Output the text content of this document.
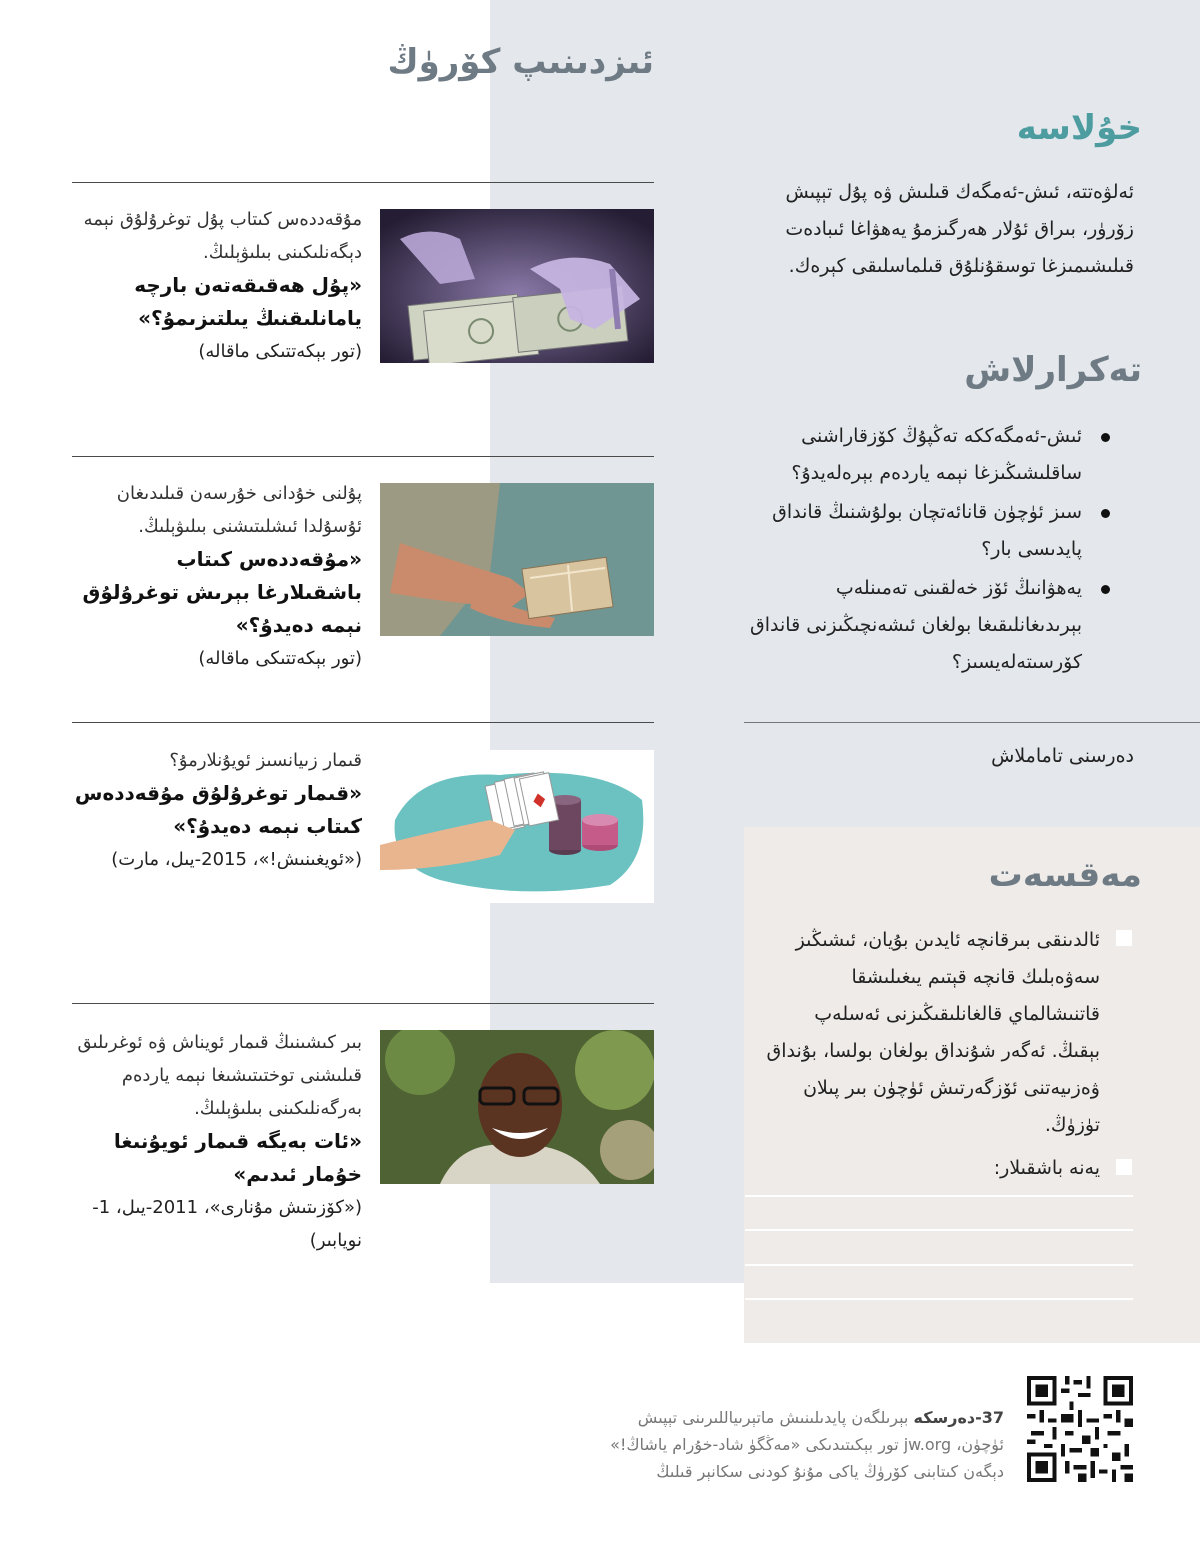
ئىزدىنىپ كۆرۈڭ
مۇقەددەس كىتاب پۇل توغرۇلۇق نېمە دېگەنلىكىنى بىلىۋېلىڭ.
«پۇل ھەقىقەتەن بارچە يامانلىقنىڭ يىلتىزىمۇ؟»
(تور بېكەتتىكى ماقالە)
پۇلنى خۇدانى خۇرسەن قىلىدىغان ئۇسۇلدا ئىشلىتىشنى بىلىۋېلىڭ.
«مۇقەددەس كىتاب باشقىلارغا بېرىش توغرۇلۇق نېمە دەيدۇ؟»
(تور بېكەتتىكى ماقالە)
قىمار زىيانسىز ئويۇنلارمۇ؟
«قىمار توغرۇلۇق مۇقەددەس كىتاب نېمە دەيدۇ؟»
(«ئويغىنىش!»، 2015-يىل، مارت)
بىر كىشىنىڭ قىمار ئويناش ۋە ئوغرىلىق قىلىشنى توختىتىشىغا نېمە ياردەم بەرگەنلىكىنى بىلىۋېلىڭ.
«ئات بەيگە قىمار ئويۇنىغا خۇمار ئىدىم»
(«كۆزىتىش مۇنارى»، 2011-يىل، 1-نويابىر)
خۇلاسە
ئەلۋەتتە، ئىش-ئەمگەك قىلىش ۋە پۇل تېپىش زۆرۈر، بىراق ئۇلار ھەرگىزمۇ يەھۋاغا ئىبادەت قىلىشىمىزغا توسقۇنلۇق قىلماسلىقى كېرەك.
تەكرارلاش
ئىش-ئەمگەككە تەڭپۇڭ كۆزقاراشنى ساقلىشىڭىزغا نېمە ياردەم بېرەلەيدۇ؟
سىز ئۈچۈن قانائەتچان بولۇشنىڭ قانداق پايدىسى بار؟
يەھۋانىڭ ئۆز خەلقىنى تەمىنلەپ بېرىدىغانلىقىغا بولغان ئىشەنچىڭىزنى قانداق كۆرسىتەلەيسىز؟
دەرسنى تاماملاش
مەقسەت
ئالدىنقى بىرقانچە ئايدىن بۇيان، ئىشىڭىز سەۋەبلىك قانچە قېتىم يىغىلىشقا قاتنىشالماي قالغانلىقىڭىزنى ئەسلەپ بېقىڭ. ئەگەر شۇنداق بولغان بولسا، بۇنداق ۋەزىيەتنى ئۆزگەرتىش ئۈچۈن بىر پىلان تۈزۈڭ.
يەنە باشقىلار:
37-دەرسكە بېرىلگەن پايدىلىنىش ماتېرىياللىرىنى تېپىش
ئۈچۈن، jw.org تور بېكىتىدىكى «مەڭگۈ شاد-خۇرام ياشاڭ!»
دېگەن كىتابنى كۆرۈڭ ياكى مۇنۇ كودنى سكانېر قىلىڭ
